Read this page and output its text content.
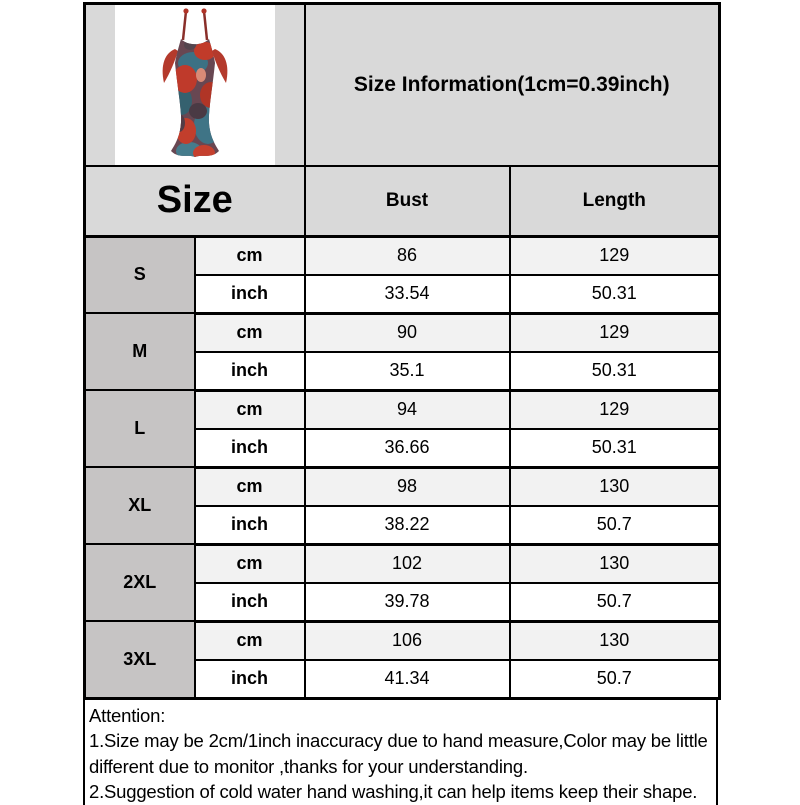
	Size Information(1cm=0.39inch)	
Size		Bust	Length
S	cm	86	129
	inch	33.54	50.31
M	cm	90	129
	inch	35.1	50.31
L	cm	94	129
	inch	36.66	50.31
XL	cm	98	130
	inch	38.22	50.7
2XL	cm	102	130
	inch	39.78	50.7
3XL	cm	106	130
	inch	41.34	50.7
Attention:
1.Size may be 2cm/1inch inaccuracy due to hand measure,Color may be little
different due to monitor ,thanks for your understanding.
2.Suggestion of cold water hand washing,it can help items keep their shape.
